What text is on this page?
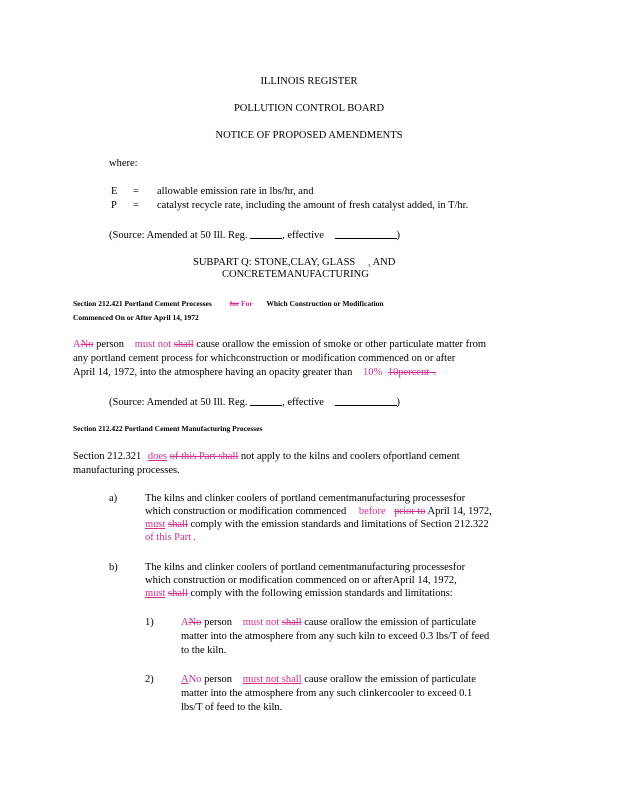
ILLINOIS REGISTER
POLLUTION CONTROL BOARD
NOTICE OF PROPOSED AMENDMENTS
where:
E = allowable emission rate in lbs/hr, and
P = catalyst recycle rate, including the amount of fresh catalyst added, in T/hr.
(Source: Amended at 50 Ill. Reg.	, effective	)
SUBPART Q: STONE,CLAY, GLASS , AND
CONCRETEMANUFACTURING
Section 212.421 Portland Cement Processes for For Which Construction or Modification
Commenced On or After April 14, 1972
ANo person must not shall cause orallow the emission of smoke or other particulate matter from
any portland cement process for whichconstruction or modification commenced on or after
April 14, 1972, into the atmosphere having an opacity greater than 10% 10percent  .
(Source: Amended at 50 Ill. Reg.	, effective	)
Section 212.422 Portland Cement Manufacturing Processes
Section 212.321 does of this Part shall not apply to the kilns and coolers ofportland cement
manufacturing processes.
a)	The kilns and clinker coolers of portland cementmanufacturing processesfor
which construction or modification commenced before prior to April 14, 1972,
must shall comply with the emission standards and limitations of Section 212.322
of this Part .
b)	The kilns and clinker coolers of portland cementmanufacturing processesfor
which construction or modification commenced on or afterApril 14, 1972,
must shall comply with the following emission standards and limitations:
1)	ANo person must not shall cause orallow the emission of particulate
matter into the atmosphere from any such kiln to exceed 0.3 lbs/T of feed
to the kiln.
2)	ANo person must not shall cause orallow the emission of particulate
matter into the atmosphere from any such clinkercooler to exceed 0.1
lbs/T of feed to the kiln.
